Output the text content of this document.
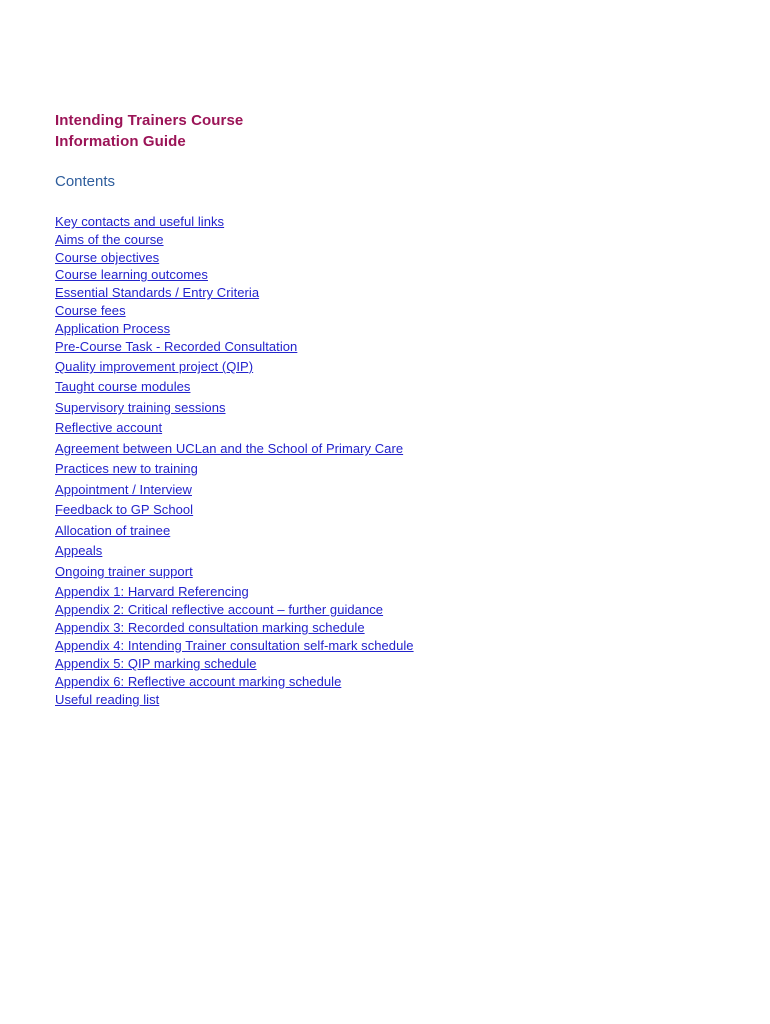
Intending Trainers Course
Information Guide
Contents
Key contacts and useful links
Aims of the course
Course objectives
Course learning outcomes
Essential Standards / Entry Criteria
Course fees
Application Process
Pre-Course Task - Recorded Consultation
Quality improvement project (QIP)
Taught course modules
Supervisory training sessions
Reflective account
Agreement between UCLan and the School of Primary Care
Practices new to training
Appointment / Interview
Feedback to GP School
Allocation of trainee
Appeals
Ongoing trainer support
Appendix 1: Harvard Referencing
Appendix 2: Critical reflective account – further guidance
Appendix 3: Recorded consultation marking schedule
Appendix 4: Intending Trainer consultation self-mark schedule
Appendix 5: QIP marking schedule
Appendix 6: Reflective account marking schedule
Useful reading list
